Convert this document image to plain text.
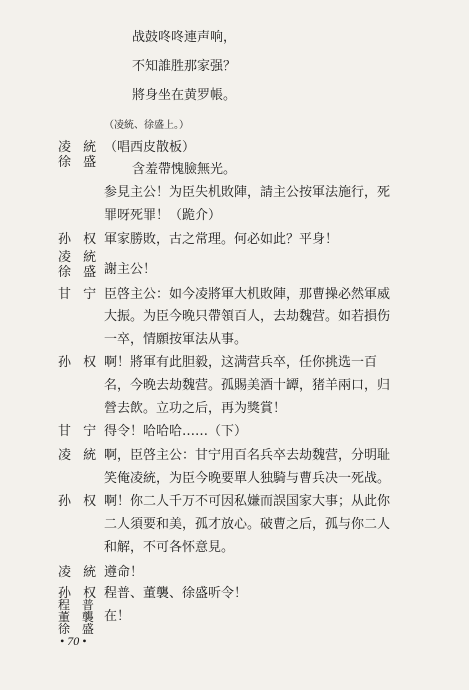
战鼓咚咚連声响，
不知誰胜那家强？
將身坐在黄罗帳。
（凌統、徐盛上。）
（唱西皮散板）
含羞帶愧臉無光。
参見主公！为臣失机敗陣，請主公按軍法施行，死
罪呀死罪！（跪介）
軍家勝敗，古之常理。何必如此？平身！
謝主公！
臣啓主公：如今凌將軍大机敗陣，那曹操必然軍威
大振。为臣今晚只帶領百人，去劫魏营。如若損伤
一卒，情願按軍法从事。
啊！將軍有此胆毅，这满营兵卒，任你挑选一百
名，今晚去劫魏营。孤賜美酒十罈，猪羊兩口，归
營去飲。立功之后，再为獎賞！
得令！哈哈哈……（下）
啊，臣啓主公：甘宁用百名兵卒去劫魏营，分明耻
笑俺凌統，为臣今晚要單人独騎与曹兵决一死战。
啊！你二人千万不可因私嫌而誤国家大事；从此你
二人須要和美，孤才放心。破曹之后，孤与你二人
和解，不可各怀意見。
遵命！
程普、董襲、徐盛听令！
在！
凌 統
徐 盛
孙 权
凌 統
徐 盛
甘 宁
孙 权
甘 宁
凌 統
孙 权
凌 統
孙 权
程 普
董 襲
徐 盛
• 70 •
